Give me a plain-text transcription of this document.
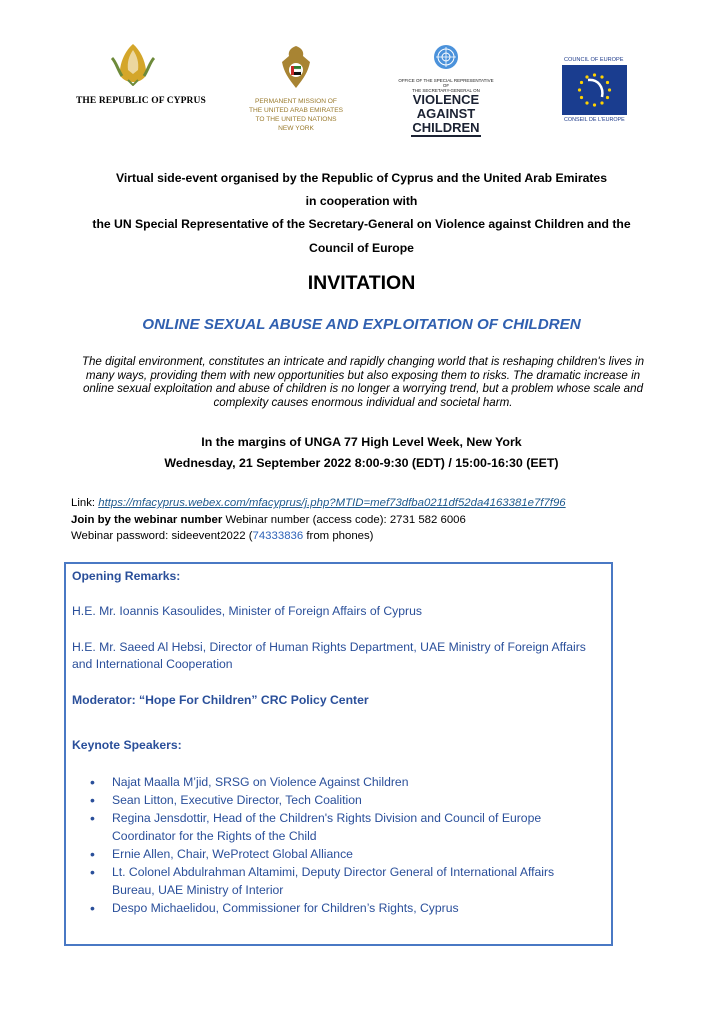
THE REPUBLIC OF CYPRUS	PERMANENT MISSION OF
THE UNITED ARAB EMIRATES
TO THE UNITED NATIONS
NEW YORK
OFFICE OF THE SPECIAL REPRESENTATIVE OF
THE SECRETARY-GENERAL ON
VIOLENCE
AGAINST
CHILDREN
COUNCIL OF EUROPE
CONSEIL DE L'EUROPE
Virtual side-event organised by the Republic of Cyprus and the United Arab Emirates
in cooperation with
the UN Special Representative of the Secretary-General on Violence against Children and the
Council of Europe
INVITATION
ONLINE SEXUAL ABUSE AND EXPLOITATION OF CHILDREN
The digital environment, constitutes an intricate and rapidly changing world that is reshaping children's lives in many ways, providing them with new opportunities but also exposing them to risks. The dramatic increase in online sexual exploitation and abuse of children is no longer a worrying trend, but a problem whose scale and complexity causes enormous individual and societal harm.
In the margins of UNGA 77 High Level Week, New York
Wednesday, 21 September 2022 8:00-9:30 (EDT) / 15:00-16:30 (EET)
Link: https://mfacyprus.webex.com/mfacyprus/j.php?MTID=mef73dfba0211df52da4163381e7f7f96
Join by the webinar number Webinar number (access code): 2731 582 6006
Webinar password: sideevent2022 (74333836 from phones)
Opening Remarks:
H.E. Mr. Ioannis Kasoulides, Minister of Foreign Affairs of Cyprus
H.E. Mr. Saeed Al Hebsi, Director of Human Rights Department, UAE Ministry of Foreign Affairs and International Cooperation
Moderator: “Hope For Children” CRC Policy Center
Keynote Speakers:
• Najat Maalla M’jid, SRSG on Violence Against Children
• Sean Litton, Executive Director, Tech Coalition
• Regina Jensdottir, Head of the Children's Rights Division and Council of Europe Coordinator for the Rights of the Child
• Ernie Allen, Chair, WeProtect Global Alliance
• Lt. Colonel Abdulrahman Altamimi, Deputy Director General of International Affairs Bureau, UAE Ministry of Interior
• Despo Michaelidou, Commissioner for Children’s Rights, Cyprus
